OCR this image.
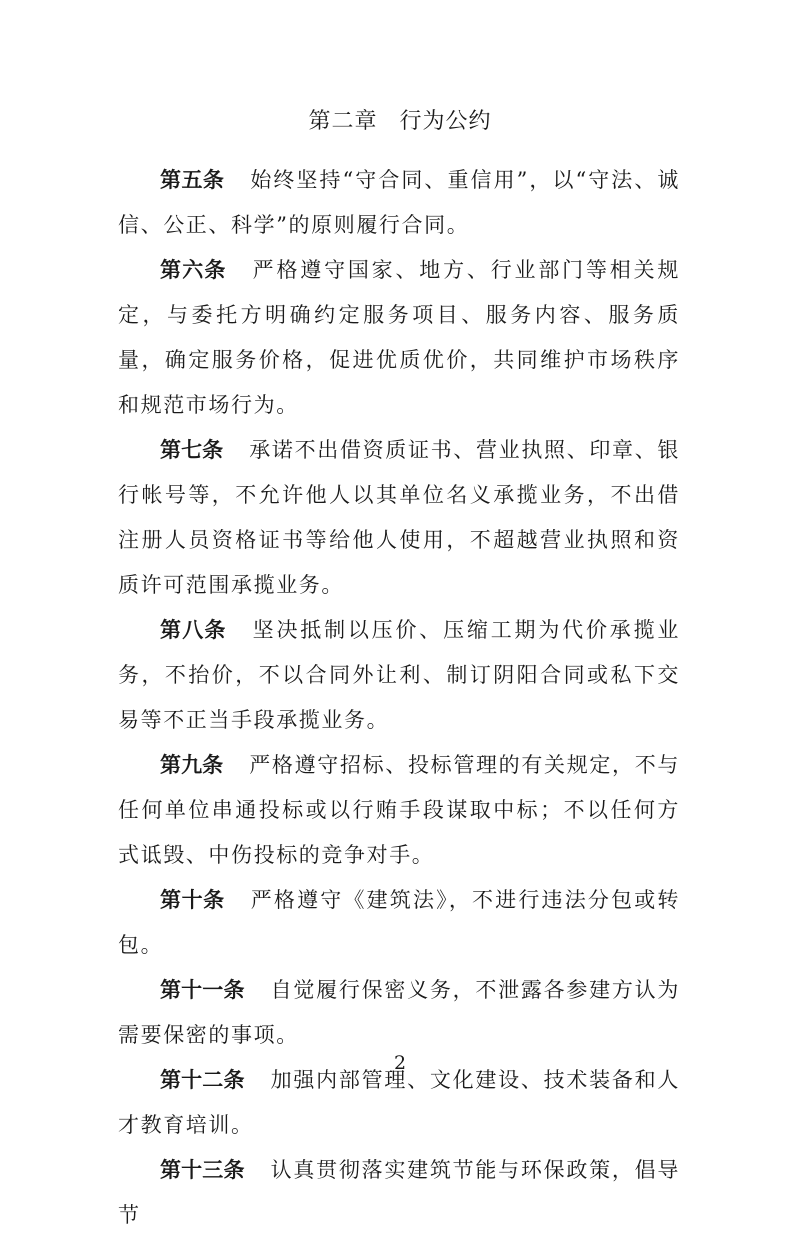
第二章 行为公约

第五条 始终坚持“守合同、重信用”，以“守法、诚信、公正、科学”的原则履行合同。

第六条 严格遵守国家、地方、行业部门等相关规定，与委托方明确约定服务项目、服务内容、服务质量，确定服务价格，促进优质优价，共同维护市场秩序和规范市场行为。

第七条 承诺不出借资质证书、营业执照、印章、银行帐号等，不允许他人以其单位名义承揽业务，不出借注册人员资格证书等给他人使用，不超越营业执照和资质许可范围承揽业务。

第八条 坚决抵制以压价、压缩工期为代价承揽业务，不抬价，不以合同外让利、制订阴阳合同或私下交易等不正当手段承揽业务。

第九条 严格遵守招标、投标管理的有关规定，不与任何单位串通投标或以行贿手段谋取中标；不以任何方式诋毁、中伤投标的竞争对手。

第十条 严格遵守《建筑法》，不进行违法分包或转包。

第十一条 自觉履行保密义务，不泄露各参建方认为需要保密的事项。

第十二条 加强内部管理、文化建设、技术装备和人才教育培训。

第十三条 认真贯彻落实建筑节能与环保政策，倡导节

2
